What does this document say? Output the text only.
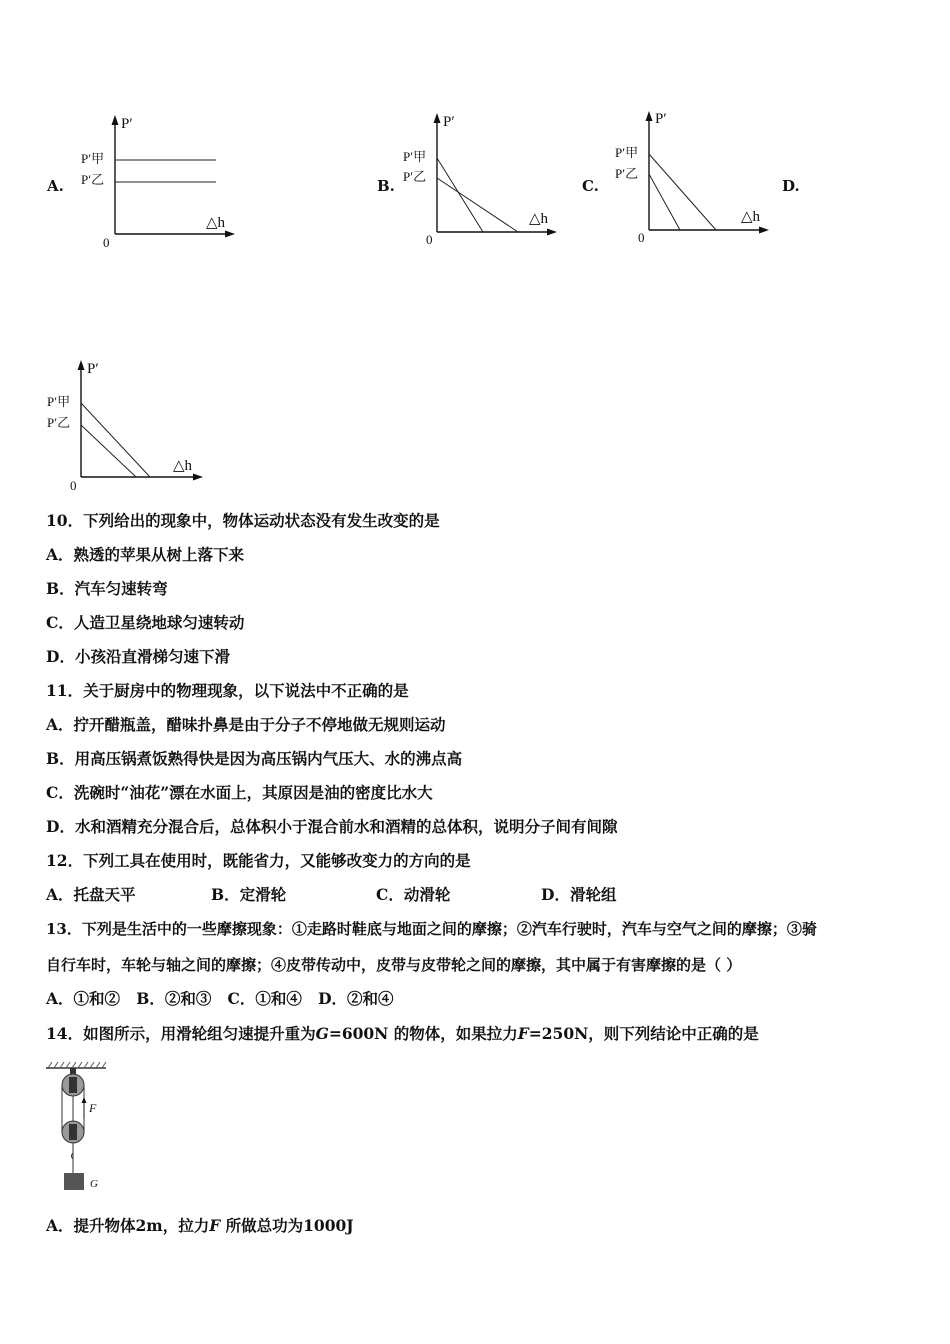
A.
P′
P′甲
P′乙
△h
0
B.
P′
P′甲
P′乙
△h
0
C.
P′
P′甲
P′乙
△h
0
D.
P′
P′甲
P′乙
△h
0
10．下列给出的现象中，物体运动状态没有发生改变的是
A．熟透的苹果从树上落下来
B．汽车匀速转弯
C．人造卫星绕地球匀速转动
D．小孩沿直滑梯匀速下滑
11．关于厨房中的物理现象，以下说法中不正确的是
A．拧开醋瓶盖，醋味扑鼻是由于分子不停地做无规则运动
B．用高压锅煮饭熟得快是因为高压锅内气压大、水的沸点高
C．洗碗时“油花”漂在水面上，其原因是油的密度比水大
D．水和酒精充分混合后，总体积小于混合前水和酒精的总体积，说明分子间有间隙
12．下列工具在使用时，既能省力，又能够改变力的方向的是
A．托盘天平	B．定滑轮	C．动滑轮	D．滑轮组
13．下列是生活中的一些摩擦现象：①走路时鞋底与地面之间的摩擦；②汽车行驶时，汽车与空气之间的摩擦；③骑
自行车时，车轮与轴之间的摩擦；④皮带传动中，皮带与皮带轮之间的摩擦，其中属于有害摩擦的是（ ）
A．①和② B．②和③ C．①和④ D．②和④
14．如图所示，用滑轮组匀速提升重为G=600N 的物体，如果拉力F=250N，则下列结论中正确的是
F
G
A．提升物体2m，拉力F 所做总功为1000J
